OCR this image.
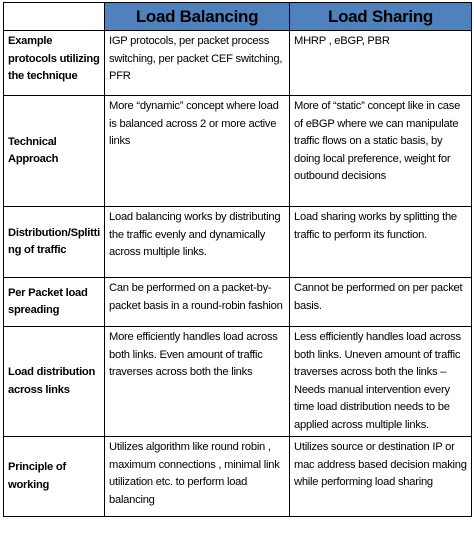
	Load Balancing	Load Sharing
Example protocols utilizing the technique	IGP protocols, per packet process switching, per packet CEF switching, PFR	MHRP , eBGP, PBR
Technical Approach	More “dynamic” concept where load is balanced across 2 or more active links	More of “static” concept like in case of eBGP where we can manipulate traffic flows on a static basis, by doing local preference, weight for outbound decisions
Distribution/Splitting of traffic	Load balancing works by distributing the traffic evenly and dynamically across multiple links.	Load sharing works by splitting the traffic to perform its function.
Per Packet load spreading	Can be performed on a packet-by-packet basis in a round-robin fashion	Cannot be performed on per packet basis.
Load distribution across links	More efficiently handles load across both links. Even amount of traffic traverses across both the links	Less efficiently handles load across both links. Uneven amount of traffic traverses across both the links – Needs manual intervention every time load distribution needs to be applied across multiple links.
Principle of working	Utilizes algorithm like round robin , maximum connections , minimal link utilization etc. to perform load balancing	Utilizes source or destination IP or mac address based decision making while performing load sharing
